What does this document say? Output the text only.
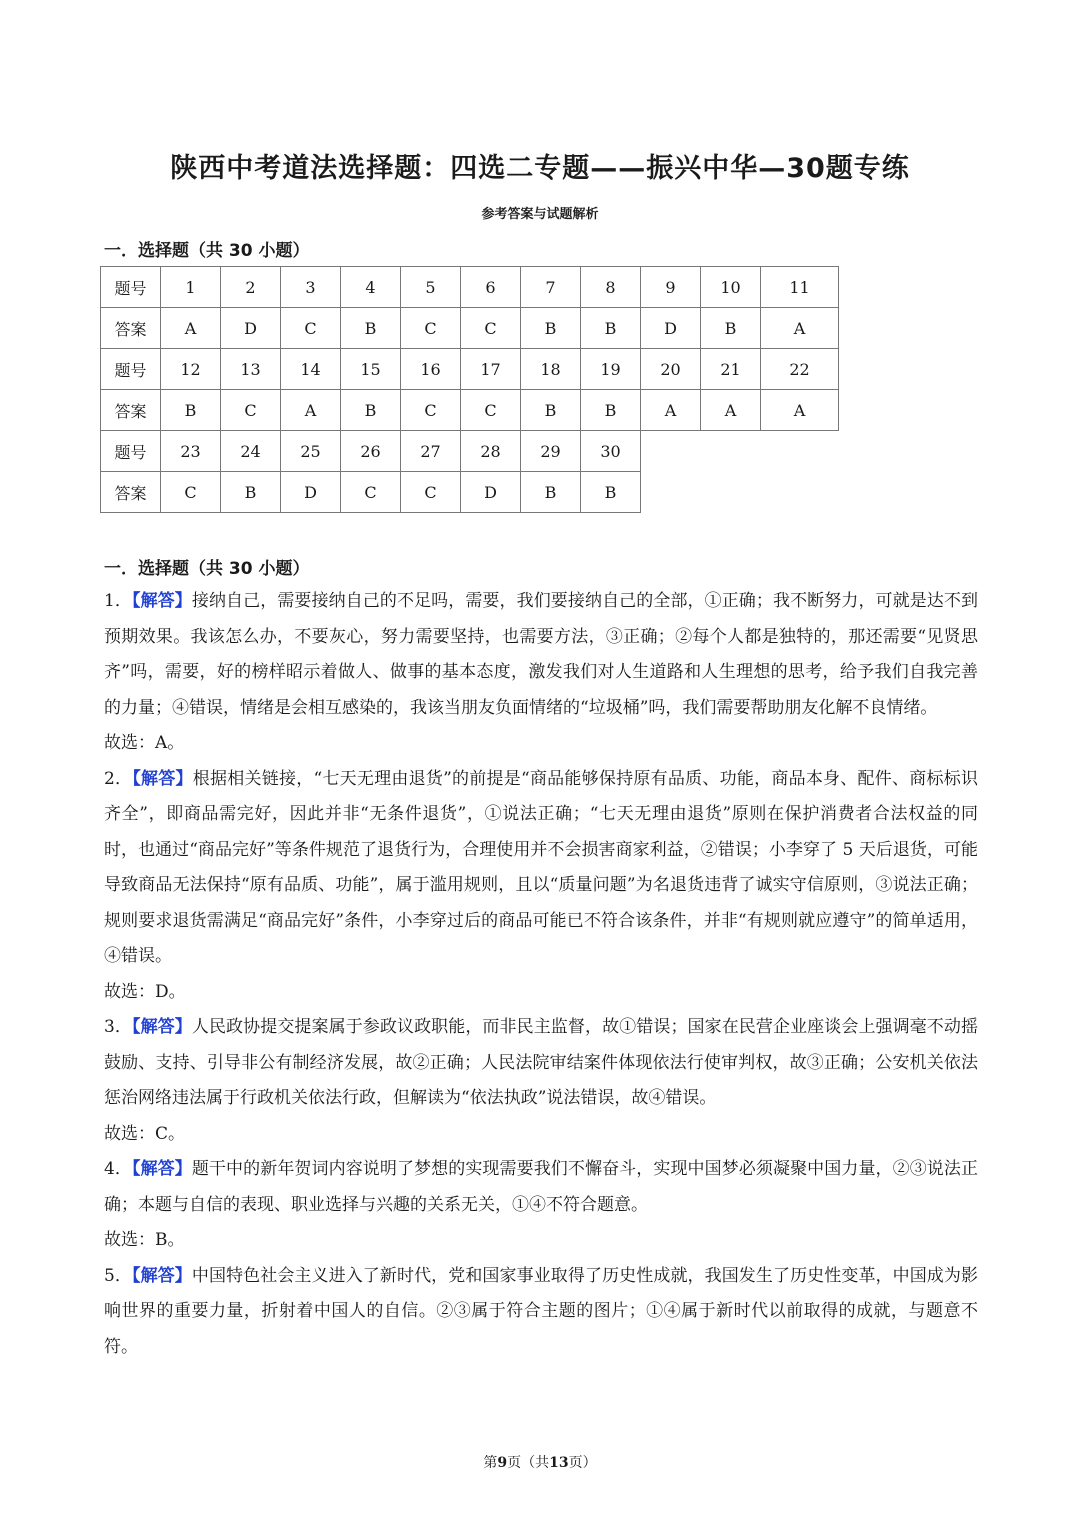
陕西中考道法选择题：四选二专题——振兴中华—30题专练
参考答案与试题解析
一．选择题（共 30 小题）
题号	1	2	3	4	5	6	7	8	9	10	11
答案	A	D	C	B	C	C	B	B	D	B	A
题号	12	13	14	15	16	17	18	19	20	21	22
答案	B	C	A	B	C	C	B	B	A	A	A
题号	23	24	25	26	27	28	29	30			
答案	C	B	D	C	C	D	B	B			
一．选择题（共 30 小题）

1．【解答】接纳自己，需要接纳自己的不足吗，需要，我们要接纳自己的全部，①正确；我不断努力，可就是达不到预期效果。我该怎么办，不要灰心，努力需要坚持，也需要方法，③正确；②每个人都是独特的，那还需要“见贤思齐”吗，需要，好的榜样昭示着做人、做事的基本态度，激发我们对人生道路和人生理想的思考，给予我们自我完善的力量；④错误，情绪是会相互感染的，我该当朋友负面情绪的“垃圾桶”吗，我们需要帮助朋友化解不良情绪。

故选：A。

2．【解答】根据相关链接，“七天无理由退货”的前提是“商品能够保持原有品质、功能，商品本身、配件、商标标识齐全”，即商品需完好，因此并非“无条件退货”，①说法正确；“七天无理由退货”原则在保护消费者合法权益的同时，也通过“商品完好”等条件规范了退货行为，合理使用并不会损害商家利益，②错误；小李穿了 5 天后退货，可能导致商品无法保持“原有品质、功能”，属于滥用规则，且以“质量问题”为名退货违背了诚实守信原则，③说法正确；规则要求退货需满足“商品完好”条件，小李穿过后的商品可能已不符合该条件，并非“有规则就应遵守”的简单适用，④错误。

故选：D。

3．【解答】人民政协提交提案属于参政议政职能，而非民主监督，故①错误；国家在民营企业座谈会上强调毫不动摇鼓励、支持、引导非公有制经济发展，故②正确；人民法院审结案件体现依法行使审判权，故③正确；公安机关依法惩治网络违法属于行政机关依法行政，但解读为“依法执政”说法错误，故④错误。

故选：C。

4．【解答】题干中的新年贺词内容说明了梦想的实现需要我们不懈奋斗，实现中国梦必须凝聚中国力量，②③说法正确；本题与自信的表现、职业选择与兴趣的关系无关，①④不符合题意。

故选：B。

5．【解答】中国特色社会主义进入了新时代，党和国家事业取得了历史性成就，我国发生了历史性变革，中国成为影响世界的重要力量，折射着中国人的自信。②③属于符合主题的图片；①④属于新时代以前取得的成就，与题意不符。

第9页（共13页）
